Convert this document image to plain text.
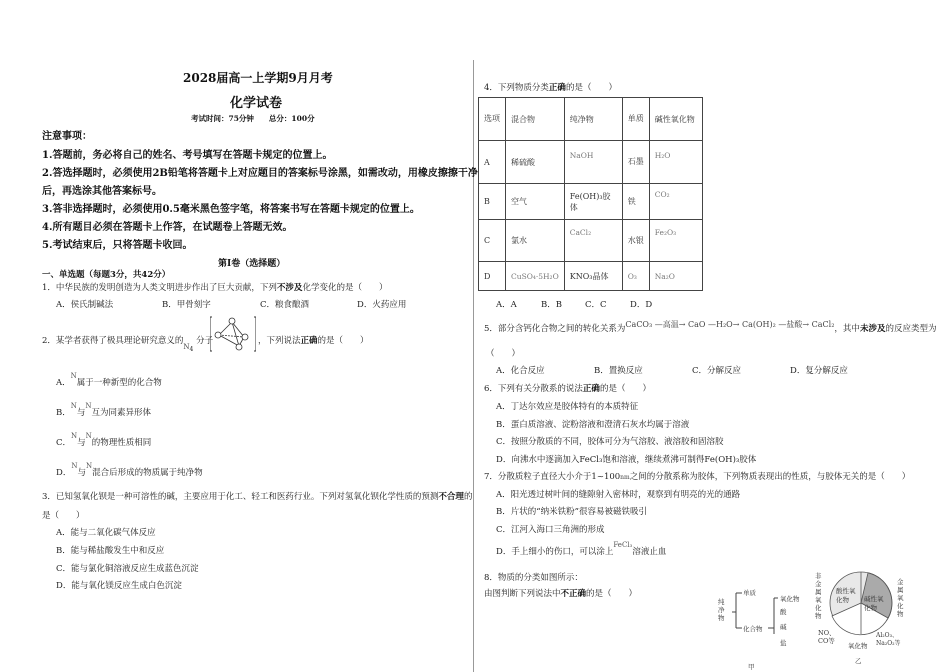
2028届高一上学期9月月考
化学试卷
考试时间：75分钟　　总分：100分
注意事项：
1.答题前，务必将自己的姓名、考号填写在答题卡规定的位置上。
2.答选择题时，必须使用2B铅笔将答题卡上对应题目的答案标号涂黑，如需改动，用橡皮擦擦干净
后，再选涂其他答案标号。
3.答非选择题时，必须使用0.5毫米黑色签字笔，将答案书写在答题卡规定的位置上。
4.所有题目必须在答题卡上作答，在试题卷上答题无效。
5.考试结束后，只将答题卡收回。
第I卷（选择题）
一、单选题（每题3分，共42分）
1．中华民族的发明创造为人类文明进步作出了巨大贡献，下列不涉及化学变化的是（　　）
A．侯氏制碱法	B．甲骨刻字	C．粮食酿酒	D．火药应用
2．某学者获得了极具理论研究意义的$_{N4}$ 分子	，下列说法正确的是（　　）
A．$^N$属于一种新型的化合物
B．$^N$与$^N$互为同素异形体
C．$^N$与$^N$的物理性质相同
D．$^N$与$^N$混合后形成的物质属于纯净物
3．已知氢氧化钡是一种可溶性的碱，主要应用于化工、轻工和医药行业。下列对氢氧化钡化学性质的预测不合理的
是（　　）
A．能与二氧化碳气体反应
B．能与稀盐酸发生中和反应
C．能与氯化铜溶液反应生成蓝色沉淀
D．能与氧化镁反应生成白色沉淀
4．下列物质分类正确的是（　　）
选项	混合物	纯净物	单质	碱性氧化物
A	稀硫酸	NaOH	石墨	H₂O
B	空气	Fe(OH)₃胶体	铁	CO₂
C	氯水	CaCl₂	水银	Fe₂O₃
D	CuSO₄·5H₂O	KNO₃晶体	O₃	Na₂O
A．A	B．B	C．C	D．D
5．部分含钙化合物之间的转化关系为CaCO₃ —高温→ CaO —H₂O→ Ca(OH)₂ —盐酸→ CaCl₂，其中未涉及的反应类型为
（　　）
A．化合反应	B．置换反应	C．分解反应	D．复分解反应
6．下列有关分散系的说法正确的是（　　）
A．丁达尔效应是胶体特有的本质特征
B．蛋白质溶液、淀粉溶液和澄清石灰水均属于溶液
C．按照分散质的不同，胶体可分为气溶胶、液溶胶和固溶胶
D．向沸水中逐滴加入FeCl₃饱和溶液，继续煮沸可制得Fe(OH)₃胶体
7．分散质粒子直径大小介于1~100nm之间的分散系称为胶体，下列物质表现出的性质，与胶体无关的是（　　）
A．阳光透过树叶间的缝隙射入密林时，观察到有明亮的光的通路
B．片状的“纳米铁粉”很容易被磁铁吸引
C．江河入海口三角洲的形成
D．手上细小的伤口，可以涂上$^{FeCl_3}$溶液止血
8．物质的分类如图所示：
由图判断下列说法中不正确的是（　　）
纯净物
单质
化合物
氧化物
酸
碱
盐
甲
非金属氧化物
金属氧化物
酸性氧化物	碱性氧化物
NO、CO等
氧化物
Al₂O₃、Na₂O₂等
乙
